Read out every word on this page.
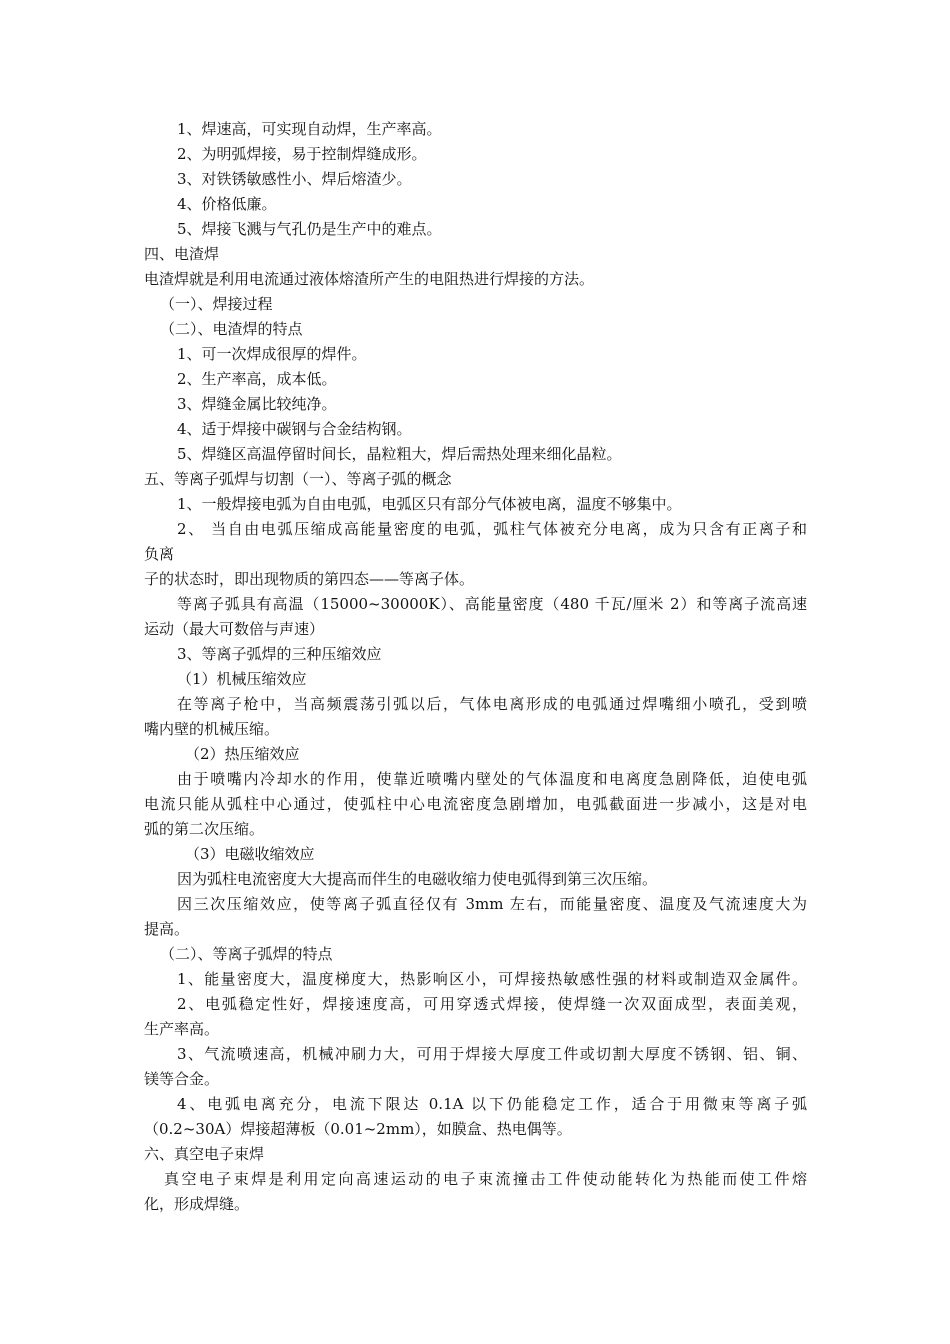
1、焊速高，可实现自动焊，生产率高。
2、为明弧焊接，易于控制焊缝成形。
3、对铁锈敏感性小、焊后熔渣少。
4、价格低廉。
5、焊接飞溅与气孔仍是生产中的难点。
四、电渣焊
电渣焊就是利用电流通过液体熔渣所产生的电阻热进行焊接的方法。
（一）、焊接过程
（二）、电渣焊的特点
1、可一次焊成很厚的焊件。
2、生产率高，成本低。
3、焊缝金属比较纯净。
4、适于焊接中碳钢与合金结构钢。
5、焊缝区高温停留时间长，晶粒粗大，焊后需热处理来细化晶粒。
五、等离子弧焊与切割（一）、等离子弧的概念
1、一般焊接电弧为自由电弧，电弧区只有部分气体被电离，温度不够集中。
2、 当自由电弧压缩成高能量密度的电弧，弧柱气体被充分电离，成为只含有正离子和
负离
子的状态时，即出现物质的第四态——等离子体。
等离子弧具有高温（15000~30000K）、高能量密度（480 千瓦/厘米 2）和等离子流高速
运动（最大可数倍与声速）
3、等离子弧焊的三种压缩效应
（1）机械压缩效应
在等离子枪中，当高频震荡引弧以后，气体电离形成的电弧通过焊嘴细小喷孔，受到喷
嘴内壁的机械压缩。
（2）热压缩效应
由于喷嘴内冷却水的作用，使靠近喷嘴内壁处的气体温度和电离度急剧降低，迫使电弧
电流只能从弧柱中心通过，使弧柱中心电流密度急剧增加，电弧截面进一步减小，这是对电
弧的第二次压缩。
（3）电磁收缩效应
因为弧柱电流密度大大提高而伴生的电磁收缩力使电弧得到第三次压缩。
因三次压缩效应，使等离子弧直径仅有 3mm 左右，而能量密度、温度及气流速度大为
提高。
（二）、等离子弧焊的特点
1、能量密度大，温度梯度大，热影响区小，可焊接热敏感性强的材料或制造双金属件。
2、电弧稳定性好，焊接速度高，可用穿透式焊接，使焊缝一次双面成型，表面美观，
生产率高。
3、气流喷速高，机械冲刷力大，可用于焊接大厚度工件或切割大厚度不锈钢、铝、铜、
镁等合金。
4、电弧电离充分，电流下限达 0.1A 以下仍能稳定工作，适合于用微束等离子弧
（0.2~30A）焊接超薄板（0.01~2mm），如膜盒、热电偶等。
六、真空电子束焊
真空电子束焊是利用定向高速运动的电子束流撞击工件使动能转化为热能而使工件熔
化，形成焊缝。
